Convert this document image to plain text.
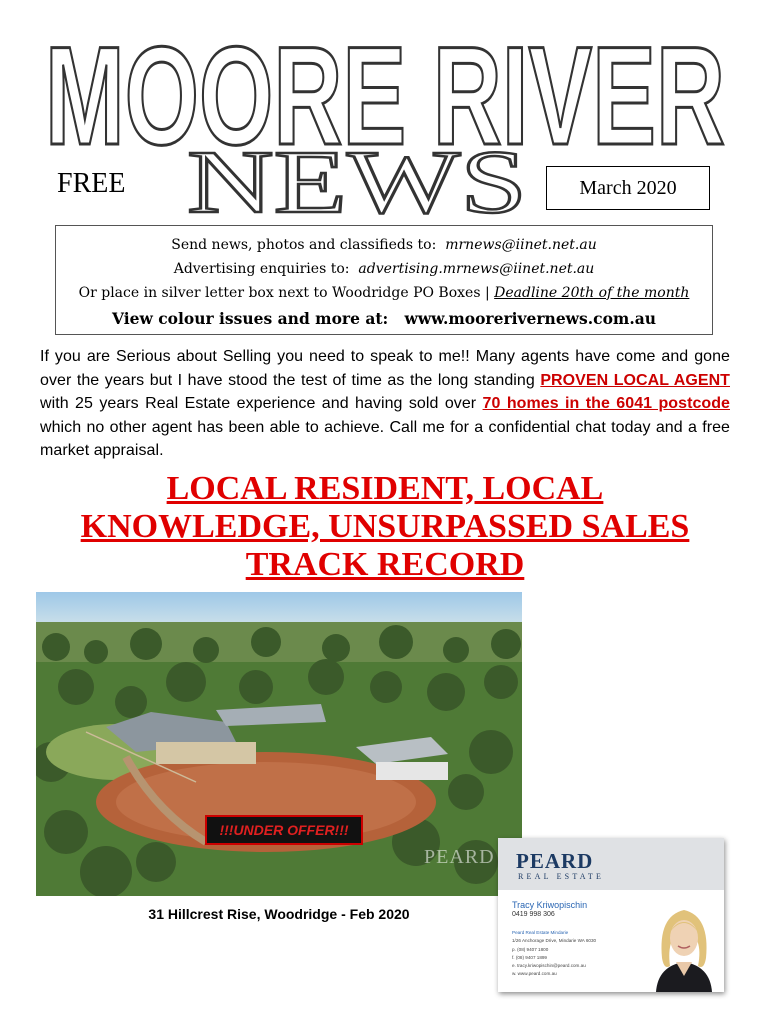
MOORE RIVER
NEWS
FREE	March 2020
Send news, photos and classifieds to: mrnews@iinet.net.au
Advertising enquiries to: advertising.mrnews@iinet.net.au
Or place in silver letter box next to Woodridge PO Boxes | Deadline 20th of the month
View colour issues and more at: www.moorerivernews.com.au
If you are Serious about Selling you need to speak to me!! Many agents have come and gone over the years but I have stood the test of time as the long standing PROVEN LOCAL AGENT with 25 years Real Estate experience and having sold over 70 homes in the 6041 postcode which no other agent has been able to achieve. Call me for a confidential chat today and a free market appraisal.
LOCAL RESIDENT, LOCAL
KNOWLEDGE, UNSURPASSED SALES
TRACK RECORD
!!!UNDER OFFER!!!
PEARD
31 Hillcrest Rise, Woodridge - Feb 2020
PEARD
REAL ESTATE
Tracy Kriwopischin
0419 998 306
Peard Real Estate Mindarie
1/26 Anchorage Drive, Mindarie WA 6030
p. (08) 9407 1800
f. (08) 9407 1899
e. tracy.kriwopischin@peard.com.au
w. www.peard.com.au
